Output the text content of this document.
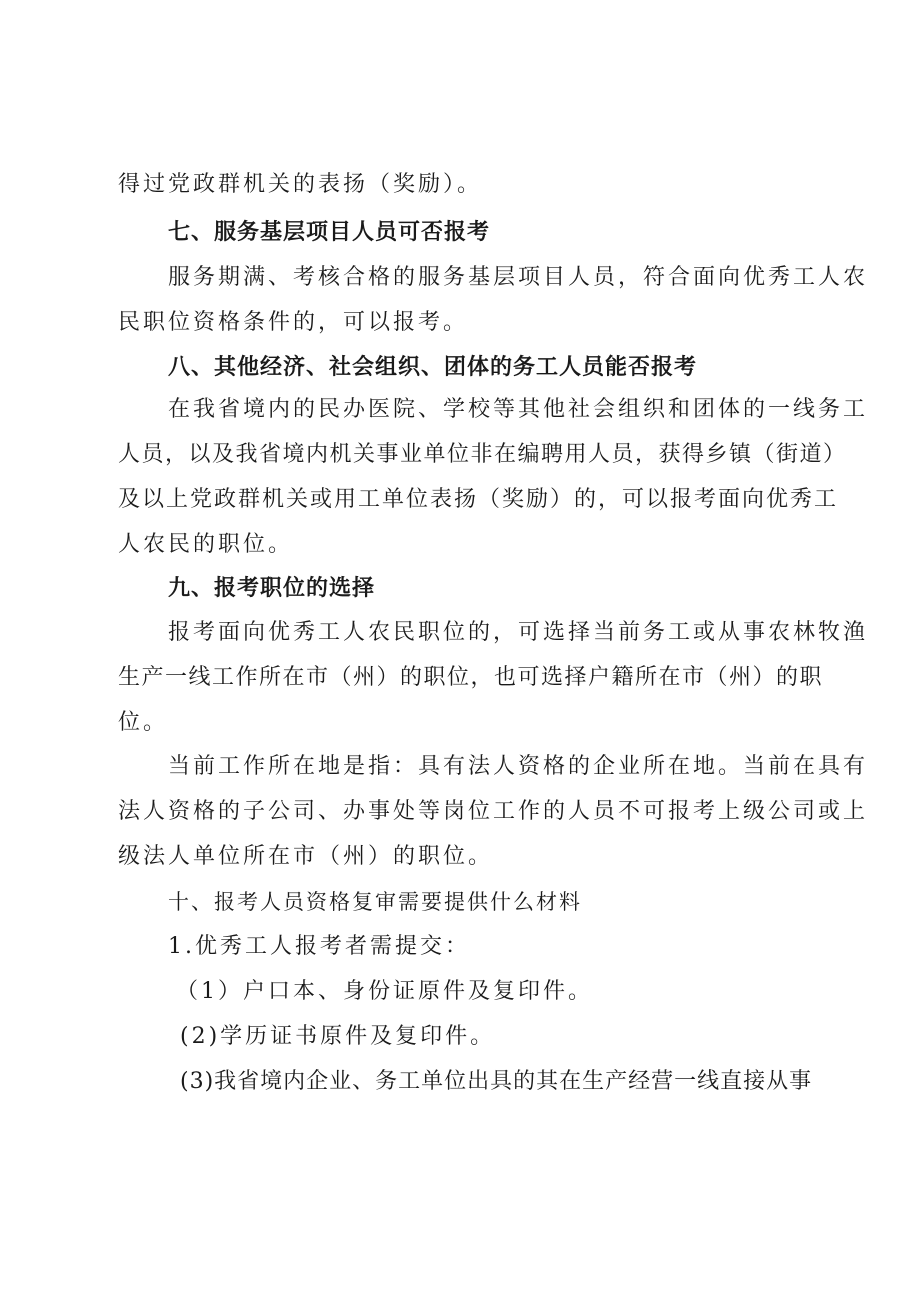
得过党政群机关的表扬（奖励）。
七、服务基层项目人员可否报考
服务期满、考核合格的服务基层项目人员，符合面向优秀工人农
民职位资格条件的，可以报考。
八、其他经济、社会组织、团体的务工人员能否报考
在我省境内的民办医院、学校等其他社会组织和团体的一线务工
人员，以及我省境内机关事业单位非在编聘用人员，获得乡镇（街道）
及以上党政群机关或用工单位表扬（奖励）的，可以报考面向优秀工
人农民的职位。
九、报考职位的选择
报考面向优秀工人农民职位的，可选择当前务工或从事农林牧渔
生产一线工作所在市（州）的职位，也可选择户籍所在市（州）的职
位。
当前工作所在地是指：具有法人资格的企业所在地。当前在具有
法人资格的子公司、办事处等岗位工作的人员不可报考上级公司或上
级法人单位所在市（州）的职位。
十、报考人员资格复审需要提供什么材料
1.优秀工人报考者需提交：
（1）户口本、身份证原件及复印件。
(2)学历证书原件及复印件。
(3)我省境内企业、务工单位出具的其在生产经营一线直接从事
